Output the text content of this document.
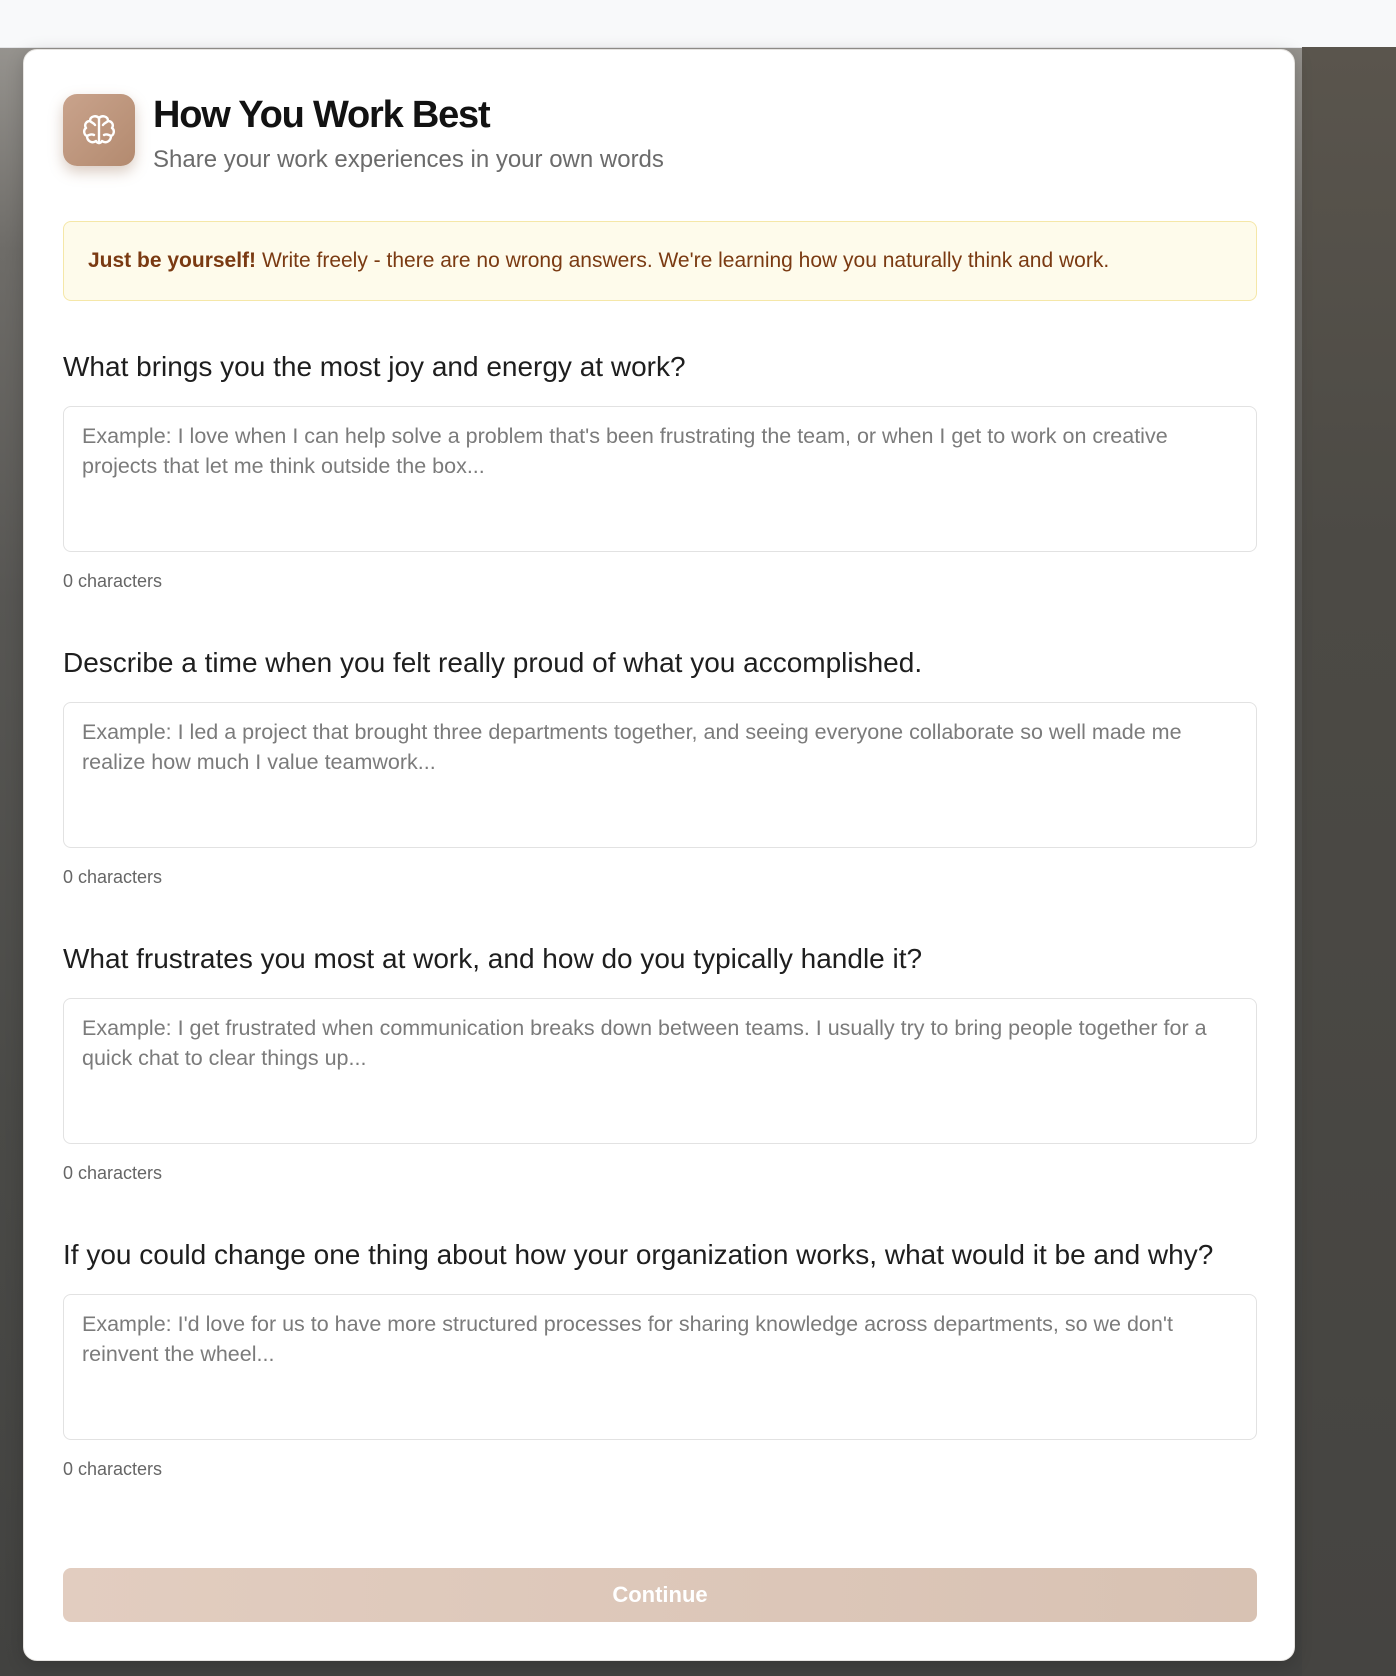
How You Work Best
Share your work experiences in your own words
Just be yourself! Write freely - there are no wrong answers. We're learning how you naturally think and work.
What brings you the most joy and energy at work?
Example: I love when I can help solve a problem that's been frustrating the team, or when I get to work on creative projects that let me think outside the box...
0 characters
Describe a time when you felt really proud of what you accomplished.
Example: I led a project that brought three departments together, and seeing everyone collaborate so well made me realize how much I value teamwork...
0 characters
What frustrates you most at work, and how do you typically handle it?
Example: I get frustrated when communication breaks down between teams. I usually try to bring people together for a quick chat to clear things up...
0 characters
If you could change one thing about how your organization works, what would it be and why?
Example: I'd love for us to have more structured processes for sharing knowledge across departments, so we don't reinvent the wheel...
0 characters
Continue
